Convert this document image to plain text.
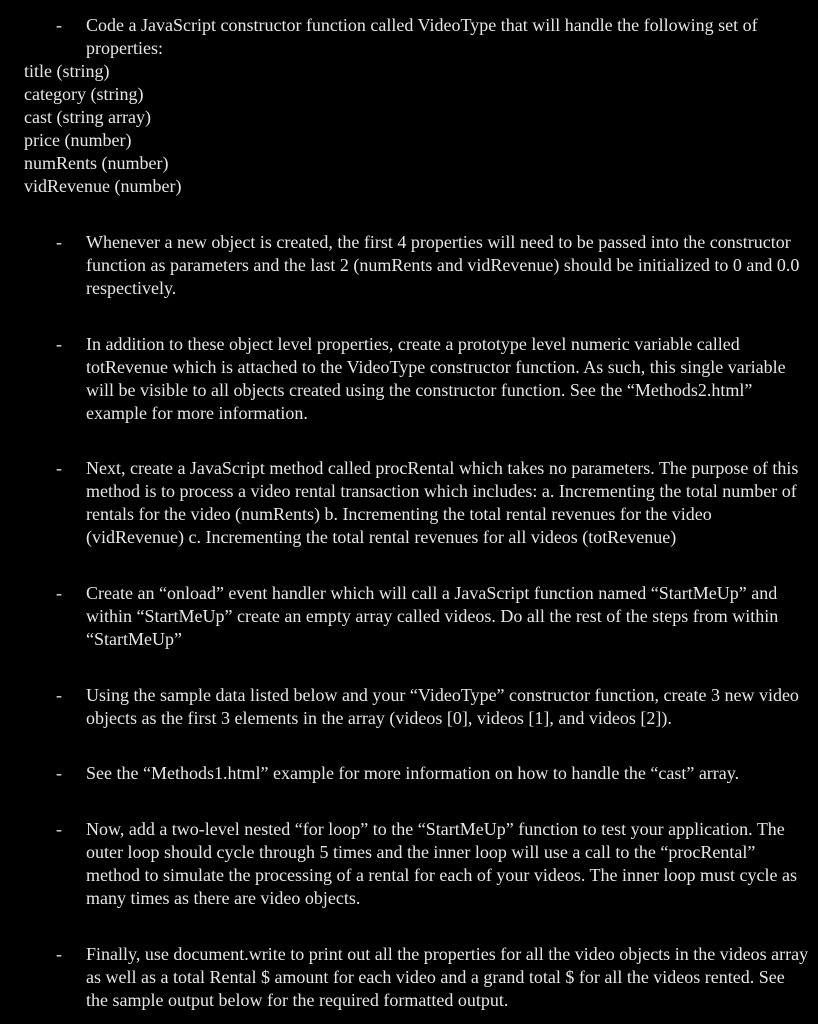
- Code a JavaScript constructor function called VideoType that will handle the following set of properties:
title (string)
category (string)
cast (string array)
price (number)
numRents (number)
vidRevenue (number)
- Whenever a new object is created, the first 4 properties will need to be passed into the constructor function as parameters and the last 2 (numRents and vidRevenue) should be initialized to 0 and 0.0 respectively.
- In addition to these object level properties, create a prototype level numeric variable called totRevenue which is attached to the VideoType constructor function. As such, this single variable will be visible to all objects created using the constructor function. See the “Methods2.html” example for more information.
- Next, create a JavaScript method called procRental which takes no parameters. The purpose of this method is to process a video rental transaction which includes: a. Incrementing the total number of rentals for the video (numRents) b. Incrementing the total rental revenues for the video (vidRevenue) c. Incrementing the total rental revenues for all videos (totRevenue)
- Create an “onload” event handler which will call a JavaScript function named “StartMeUp” and within “StartMeUp” create an empty array called videos. Do all the rest of the steps from within “StartMeUp”
- Using the sample data listed below and your “VideoType” constructor function, create 3 new video objects as the first 3 elements in the array (videos [0], videos [1], and videos [2]).
- See the “Methods1.html” example for more information on how to handle the “cast” array.
- Now, add a two-level nested “for loop” to the “StartMeUp” function to test your application. The outer loop should cycle through 5 times and the inner loop will use a call to the “procRental” method to simulate the processing of a rental for each of your videos. The inner loop must cycle as many times as there are video objects.
- Finally, use document.write to print out all the properties for all the video objects in the videos array as well as a total Rental $ amount for each video and a grand total $ for all the videos rented. See the sample output below for the required formatted output.
